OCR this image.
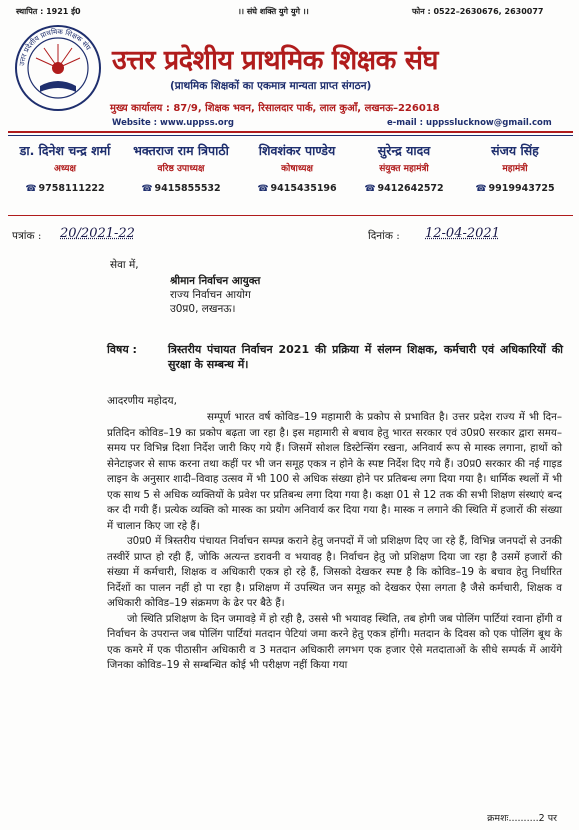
स्थापित : 1921 ई0	।। संघे शक्ति युगे युगे ।।	फोन : 0522–2630676, 2630077
उत्तर प्रदेशीय प्राथमिक शिक्षक संघ उत्तर प्रदेशीय प्राथमिक शिक्षक संघ
(प्राथमिक शिक्षकों का एकमात्र मान्यता प्राप्त संगठन)
मुख्य कार्यालय : 87/9, शिक्षक भवन, रिसालदार पार्क, लाल कुआँ, लखनऊ–226018
Website : www.uppss.org	e-mail : uppsslucknow@gmail.com
डा. दिनेश चन्द्र शर्मा
अध्यक्ष
☎ 9758111222
भक्तराज राम त्रिपाठी
वरिष्ठ उपाध्यक्ष
☎ 9415855532
शिवशंकर पाण्डेय
कोषाध्यक्ष
☎ 9415435196
सुरेन्द्र यादव
संयुक्त महामंत्री
☎ 9412642572
संजय सिंह
महामंत्री
☎ 9919943725
पत्रांक : 20/2021-22	दिनांक : 12-04-2021
सेवा में,
श्रीमान निर्वाचन आयुक्त
राज्य निर्वाचन आयोग
उ0प्र0, लखनऊ।
विषय :	त्रिस्तरीय पंचायत निर्वाचन 2021 की प्रक्रिया में संलग्न शिक्षक, कर्मचारी एवं अधिकारियों की सुरक्षा के सम्बन्ध में।
आदरणीय महोदय,

सम्पूर्ण भारत वर्ष कोविड–19 महामारी के प्रकोप से प्रभावित है। उत्तर प्रदेश राज्य में भी दिन–प्रतिदिन कोविड–19 का प्रकोप बढ़ता जा रहा है। इस महामारी से बचाव हेतु भारत सरकार एवं उ0प्र0 सरकार द्वारा समय–समय पर विभिन्न दिशा निर्देश जारी किए गये हैं। जिसमें सोशल डिस्टेन्सिंग रखना, अनिवार्य रूप से मास्क लगाना, हाथों को सेनेटाइजर से साफ करना तथा कहीं पर भी जन समूह एकत्र न होने के स्पष्ट निर्देश दिए गये हैं। उ0प्र0 सरकार की नई गाइड लाइन के अनुसार शादी–विवाह उत्सव में भी 100 से अधिक संख्या होने पर प्रतिबन्ध लगा दिया गया है। धार्मिक स्थलों में भी एक साथ 5 से अधिक व्यक्तियों के प्रवेश पर प्रतिबन्ध लगा दिया गया है। कक्षा 01 से 12 तक की सभी शिक्षण संस्थाएं बन्द कर दी गयी हैं। प्रत्येक व्यक्ति को मास्क का प्रयोग अनिवार्य कर दिया गया है। मास्क न लगाने की स्थिति में हजारों की संख्या में चालान किए जा रहे हैं।

उ0प्र0 में त्रिस्तरीय पंचायत निर्वाचन सम्पन्न कराने हेतु जनपदों में जो प्रशिक्षण दिए जा रहे हैं, विभिन्न जनपदों से उनकी तस्वीरें प्राप्त हो रही हैं, जोकि अत्यन्त डरावनी व भयावह है। निर्वाचन हेतु जो प्रशिक्षण दिया जा रहा है उसमें हजारों की संख्या में कर्मचारी, शिक्षक व अधिकारी एकत्र हो रहे हैं, जिसको देखकर स्पष्ट है कि कोविड–19 के बचाव हेतु निर्धारित निर्देशों का पालन नहीं हो पा रहा है। प्रशिक्षण में उपस्थित जन समूह को देखकर ऐसा लगता है जैसे कर्मचारी, शिक्षक व अधिकारी कोविड–19 संक्रमण के ढेर पर बैठे हैं।

जो स्थिति प्रशिक्षण के दिन जमावड़े में हो रही है, उससे भी भयावह स्थिति, तब होगी जब पोलिंग पार्टियां रवाना होंगी व निर्वाचन के उपरान्त जब पोलिंग पार्टियां मतदान पेटियां जमा करने हेतु एकत्र होंगी। मतदान के दिवस को एक पोलिंग बूथ के एक कमरे में एक पीठासीन अधिकारी व 3 मतदान अधिकारी लगभग एक हजार ऐसे मतदाताओं के सीधे सम्पर्क में आयेंगे जिनका कोविड–19 से सम्बन्धित कोई भी परीक्षण नहीं किया गया

क्रमशः..........2 पर
